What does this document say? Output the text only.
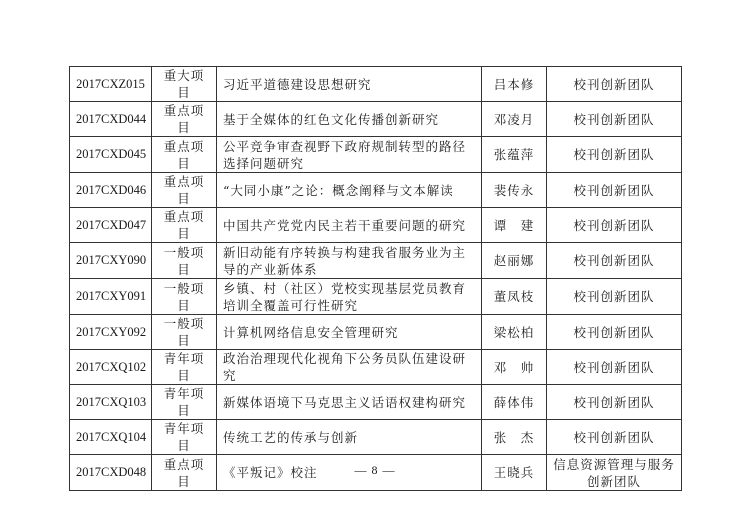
2017CXZ015	重大项目	习近平道德建设思想研究	吕本修	校刊创新团队
2017CXD044	重点项目	基于全媒体的红色文化传播创新研究	邓凌月	校刊创新团队
2017CXD045	重点项目	公平竞争审查视野下政府规制转型的路径选择问题研究	张蕴萍	校刊创新团队
2017CXD046	重点项目	“大同小康”之论：概念阐释与文本解读	裴传永	校刊创新团队
2017CXD047	重点项目	中国共产党党内民主若干重要问题的研究	谭　建	校刊创新团队
2017CXY090	一般项目	新旧动能有序转换与构建我省服务业为主导的产业新体系	赵丽娜	校刊创新团队
2017CXY091	一般项目	乡镇、村（社区）党校实现基层党员教育培训全覆盖可行性研究	董凤枝	校刊创新团队
2017CXY092	一般项目	计算机网络信息安全管理研究	梁松柏	校刊创新团队
2017CXQ102	青年项目	政治治理现代化视角下公务员队伍建设研究	邓　帅	校刊创新团队
2017CXQ103	青年项目	新媒体语境下马克思主义话语权建构研究	薛体伟	校刊创新团队
2017CXQ104	青年项目	传统工艺的传承与创新	张　杰	校刊创新团队
2017CXD048	重点项目	《平叛记》校注	王晓兵	信息资源管理与服务创新团队
— 8 —
